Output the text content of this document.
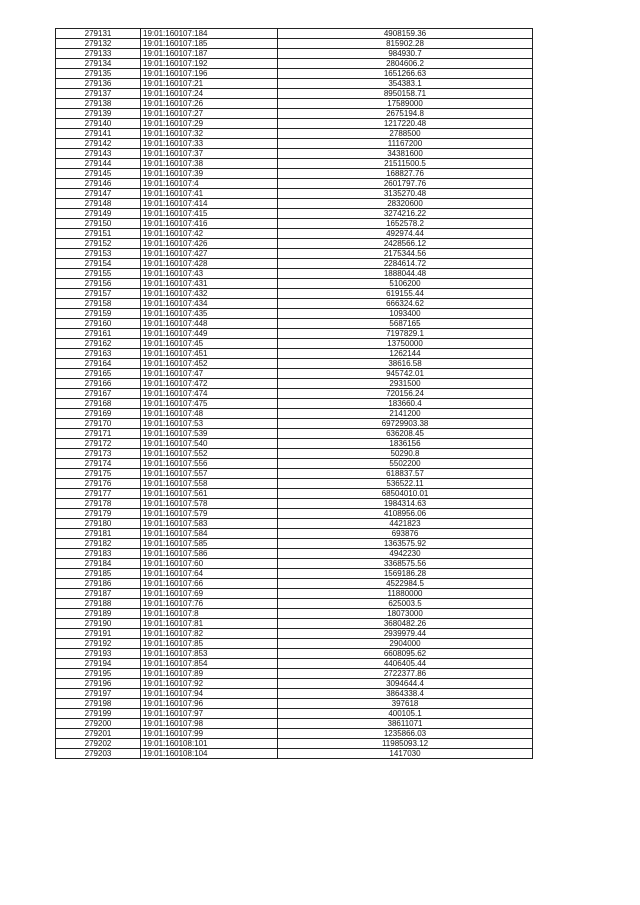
279131	19:01:160107:184	4908159.36
279132	19:01:160107:185	815902.28
279133	19:01:160107:187	984930.7
279134	19:01:160107:192	2804606.2
279135	19:01:160107:196	1651266.63
279136	19:01:160107:21	354383.1
279137	19:01:160107:24	8950158.71
279138	19:01:160107:26	17589000
279139	19:01:160107:27	2675194.8
279140	19:01:160107:29	1217220.48
279141	19:01:160107:32	2788500
279142	19:01:160107:33	11167200
279143	19:01:160107:37	34381600
279144	19:01:160107:38	21511500.5
279145	19:01:160107:39	168827.76
279146	19:01:160107:4	2601797.76
279147	19:01:160107:41	3135270.48
279148	19:01:160107:414	28320600
279149	19:01:160107:415	3274216.22
279150	19:01:160107:416	1652578.2
279151	19:01:160107:42	492974.44
279152	19:01:160107:426	2428566.12
279153	19:01:160107:427	2175344.56
279154	19:01:160107:428	2284614.72
279155	19:01:160107:43	1888044.48
279156	19:01:160107:431	5106200
279157	19:01:160107:432	619155.44
279158	19:01:160107:434	666324.62
279159	19:01:160107:435	1093400
279160	19:01:160107:448	5687165
279161	19:01:160107:449	7197829.1
279162	19:01:160107:45	13750000
279163	19:01:160107:451	1262144
279164	19:01:160107:452	38616.58
279165	19:01:160107:47	945742.01
279166	19:01:160107:472	2931500
279167	19:01:160107:474	720156.24
279168	19:01:160107:475	183660.4
279169	19:01:160107:48	2141200
279170	19:01:160107:53	69729903.38
279171	19:01:160107:539	636208.45
279172	19:01:160107:540	1836156
279173	19:01:160107:552	50290.8
279174	19:01:160107:556	5502200
279175	19:01:160107:557	618837.57
279176	19:01:160107:558	536522.11
279177	19:01:160107:561	68504010.01
279178	19:01:160107:578	1984314.63
279179	19:01:160107:579	4108956.06
279180	19:01:160107:583	4421823
279181	19:01:160107:584	693876
279182	19:01:160107:585	1363575.92
279183	19:01:160107:586	4942230
279184	19:01:160107:60	3368575.56
279185	19:01:160107:64	1569186.28
279186	19:01:160107:66	4522984.5
279187	19:01:160107:69	11880000
279188	19:01:160107:76	625003.5
279189	19:01:160107:8	18073000
279190	19:01:160107:81	3680482.26
279191	19:01:160107:82	2939979.44
279192	19:01:160107:85	2904000
279193	19:01:160107:853	6608095.62
279194	19:01:160107:854	4406405.44
279195	19:01:160107:89	2722377.86
279196	19:01:160107:92	3094644.4
279197	19:01:160107:94	3864338.4
279198	19:01:160107:96	397618
279199	19:01:160107:97	400105.1
279200	19:01:160107:98	38611071
279201	19:01:160107:99	1235866.03
279202	19:01:160108:101	11985093.12
279203	19:01:160108:104	1417030
